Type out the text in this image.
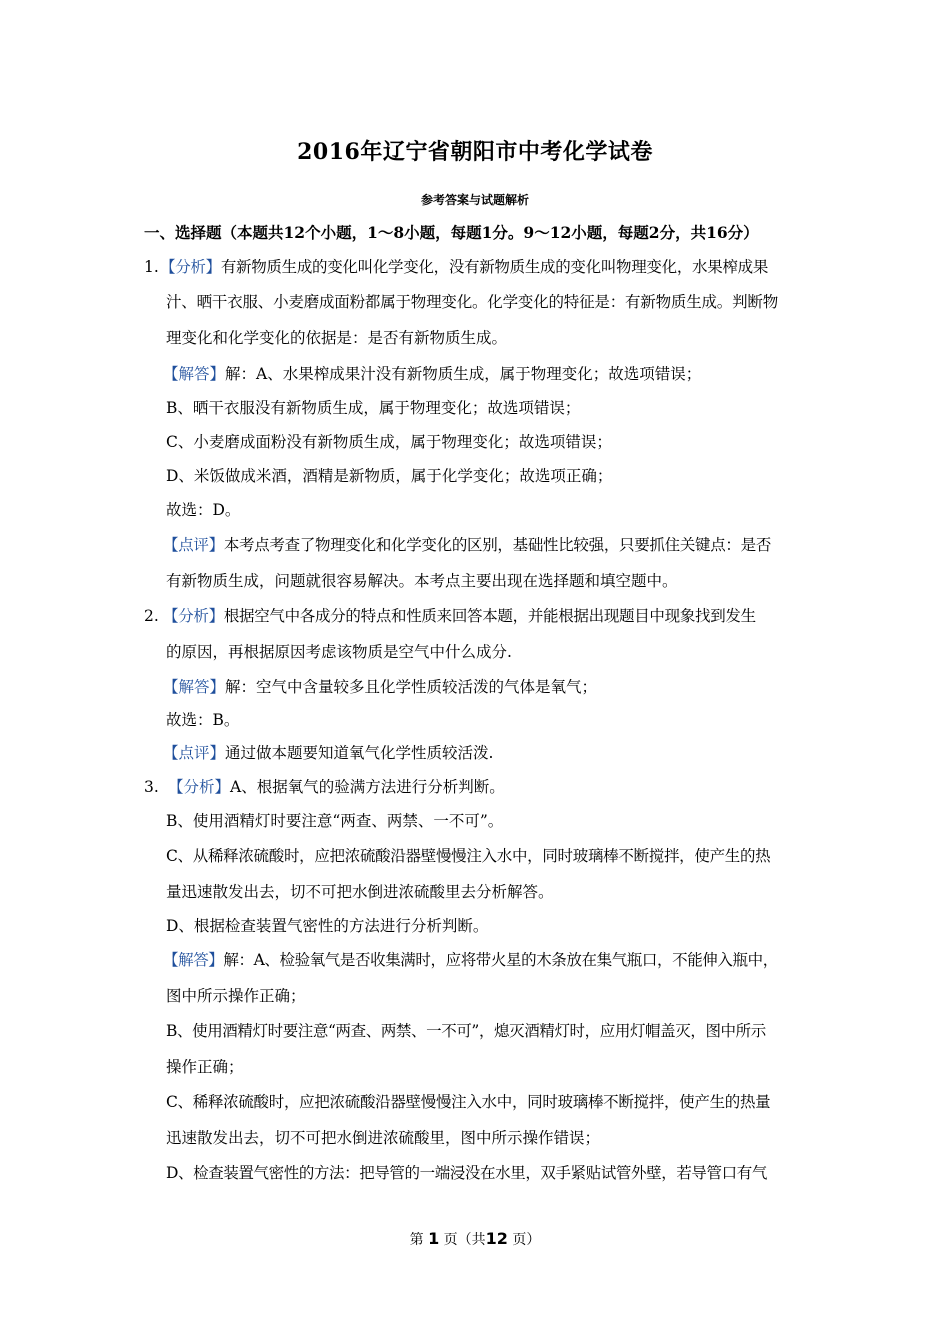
2016年辽宁省朝阳市中考化学试卷
参考答案与试题解析
一、选择题（本题共12个小题，1～8小题，每题1分。9～12小题，每题2分，共16分）
1. 【分析】有新物质生成的变化叫化学变化，没有新物质生成的变化叫物理变化，水果榨成果
汁、晒干衣服、小麦磨成面粉都属于物理变化。化学变化的特征是：有新物质生成。判断物
理变化和化学变化的依据是：是否有新物质生成。
【解答】解：A、水果榨成果汁没有新物质生成，属于物理变化；故选项错误；
B、晒干衣服没有新物质生成，属于物理变化；故选项错误；
C、小麦磨成面粉没有新物质生成，属于物理变化；故选项错误；
D、米饭做成米酒，酒精是新物质，属于化学变化；故选项正确；
故选：D。
【点评】本考点考查了物理变化和化学变化的区别，基础性比较强，只要抓住关键点：是否
有新物质生成，问题就很容易解决。本考点主要出现在选择题和填空题中。
2. 【分析】根据空气中各成分的特点和性质来回答本题，并能根据出现题目中现象找到发生
的原因，再根据原因考虑该物质是空气中什么成分.
【解答】解：空气中含量较多且化学性质较活泼的气体是氧气；
故选：B。
【点评】通过做本题要知道氧气化学性质较活泼.
3. 【分析】A、根据氧气的验满方法进行分析判断。
B、使用酒精灯时要注意“两查、两禁、一不可”。
C、从稀释浓硫酸时，应把浓硫酸沿器壁慢慢注入水中，同时玻璃棒不断搅拌，使产生的热
量迅速散发出去，切不可把水倒进浓硫酸里去分析解答。
D、根据检查装置气密性的方法进行分析判断。
【解答】解：A、检验氧气是否收集满时，应将带火星的木条放在集气瓶口，不能伸入瓶中，
图中所示操作正确；
B、使用酒精灯时要注意“两查、两禁、一不可”，熄灭酒精灯时，应用灯帽盖灭，图中所示
操作正确；
C、稀释浓硫酸时，应把浓硫酸沿器壁慢慢注入水中，同时玻璃棒不断搅拌，使产生的热量
迅速散发出去，切不可把水倒进浓硫酸里，图中所示操作错误；
D、检查装置气密性的方法：把导管的一端浸没在水里，双手紧贴试管外壁，若导管口有气
第 1 页（共12 页）
